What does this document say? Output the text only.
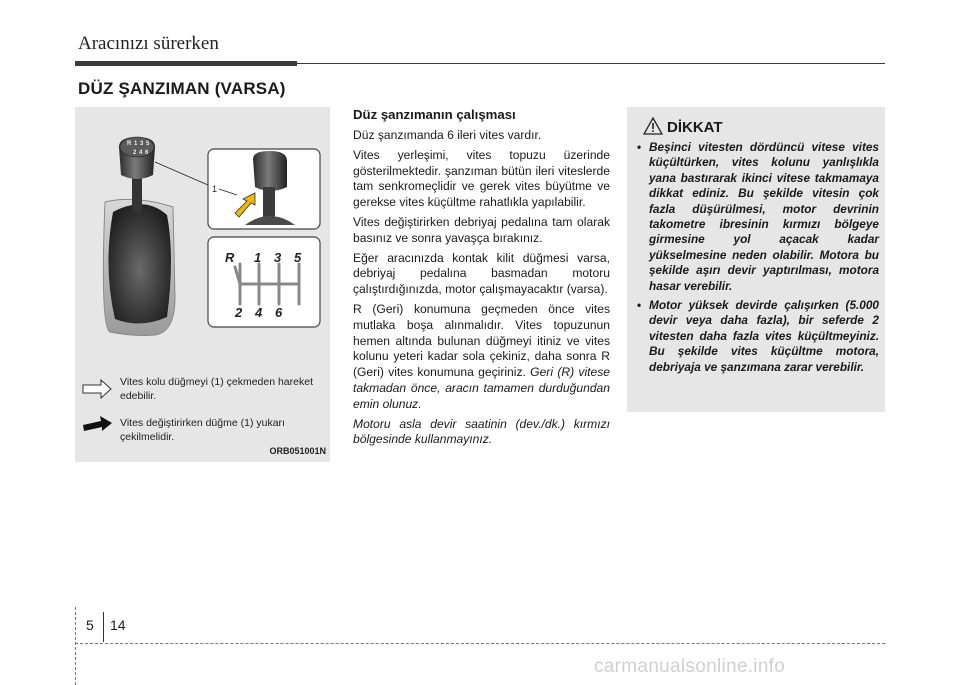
Aracınızı sürerken
DÜZ ŞANZIMAN (VARSA)
R 1 3 5
2 4 6
1
R 1 3 5
2 4 6
Vites kolu düğmeyi (1) çekmeden hareket edebilir.
Vites değiştirirken düğme (1) yukarı çekilmelidir.
ORB051001N
Düz şanzımanın çalışması

Düz şanzımanda 6 ileri vites vardır.

Vites yerleşimi, vites topuzu üzerinde gösterilmektedir. şanzıman bütün ileri viteslerde tam senkromeçlidir ve gerek vites büyütme ve gerekse vites küçültme rahatlıkla yapılabilir.

Vites değiştirirken debriyaj pedalına tam olarak basınız ve sonra yavaşça bırakınız.

Eğer aracınızda kontak kilit düğmesi varsa, debriyaj pedalına basmadan motoru çalıştırdığınızda, motor çalışmayacaktır (varsa).

R (Geri) konumuna geçmeden önce vites mutlaka boşa alınmalıdır. Vites topuzunun hemen altında bulunan düğmeyi itiniz ve vites kolunu yeteri kadar sola çekiniz, daha sonra R (Geri) vites konumuna geçiriniz. Geri (R) vitese takmadan önce, aracın tamamen durduğundan emin olunuz.

Motoru asla devir saatinin (dev./dk.) kırmızı bölgesinde kullanmayınız.

DİKKAT
• Beşinci vitesten dördüncü vitese vites küçültürken, vites kolunu yanlışlıkla yana bastırarak ikinci vitese takmamaya dikkat ediniz. Bu şekilde vitesin çok fazla düşürülmesi, motor devrinin takometre ibresinin kırmızı bölgeye girmesine yol açacak kadar yükselmesine neden olabilir. Motora bu şekilde aşırı devir yaptırılması, motora hasar verebilir.
• Motor yüksek devirde çalışırken (5.000 devir veya daha fazla), bir seferde 2 vitesten daha fazla vites küçültmeyiniz. Bu şekilde vites küçültme motora, debriyaja ve şanzımana zarar verebilir.
5 14
carmanualsonline.info
